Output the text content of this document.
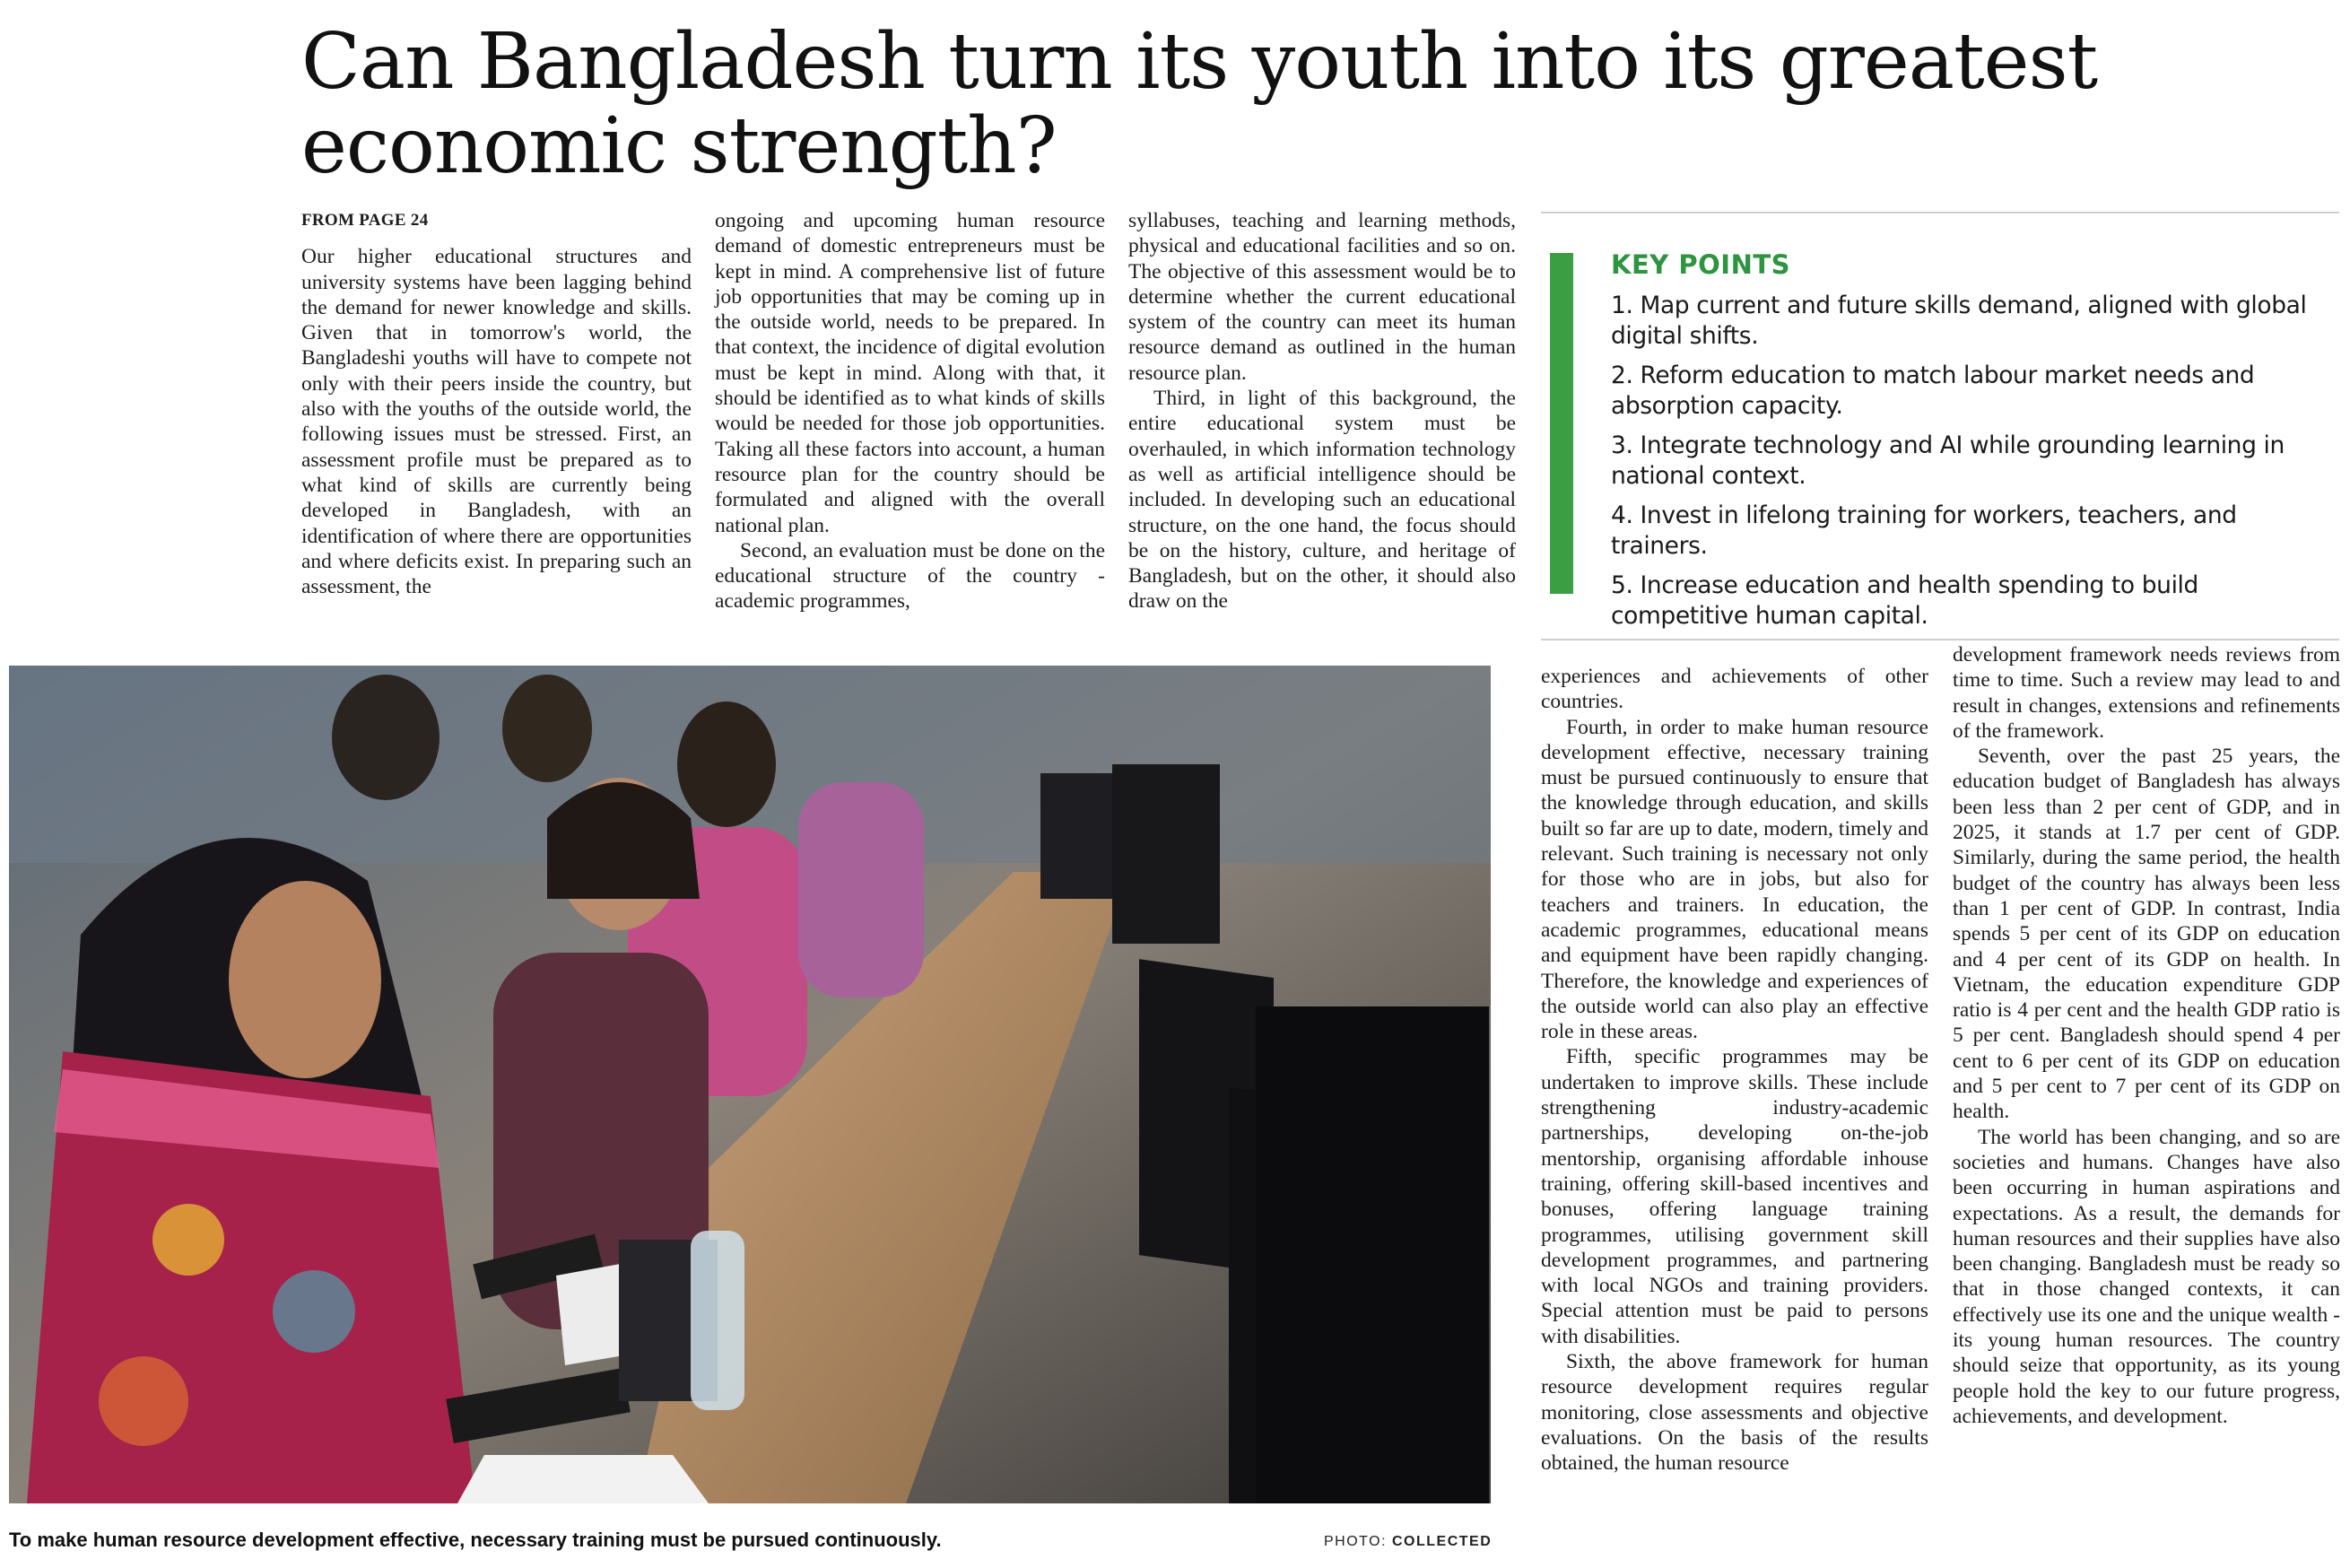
Can Bangladesh turn its youth into its greatest economic strength?
FROM PAGE 24

Our higher educational structures and university systems have been lagging behind the demand for newer knowledge and skills. Given that in tomorrow's world, the Bangladeshi youths will have to compete not only with their peers inside the country, but also with the youths of the outside world, the following issues must be stressed. First, an assessment profile must be prepared as to what kind of skills are currently being developed in Bangladesh, with an identification of where there are opportunities and where deficits exist. In preparing such an assessment, the

ongoing and upcoming human resource demand of domestic entrepreneurs must be kept in mind. A comprehensive list of future job opportunities that may be coming up in the outside world, needs to be prepared. In that context, the incidence of digital evolution must be kept in mind. Along with that, it should be identified as to what kinds of skills would be needed for those job opportunities. Taking all these factors into account, a human resource plan for the country should be formulated and aligned with the overall national plan.

Second, an evaluation must be done on the educational structure of the country - academic programmes,

syllabuses, teaching and learning methods, physical and educational facilities and so on. The objective of this assessment would be to determine whether the current educational system of the country can meet its human resource demand as outlined in the human resource plan.

Third, in light of this background, the entire educational system must be overhauled, in which information technology as well as artificial intelligence should be included. In developing such an educational structure, on the one hand, the focus should be on the history, culture, and heritage of Bangladesh, but on the other, it should also draw on the

KEY POINTS
1. Map current and future skills demand, aligned with global digital shifts.
2. Reform education to match labour market needs and absorption capacity.
3. Integrate technology and AI while grounding learning in national context.
4. Invest in lifelong training for workers, teachers, and trainers.
5. Increase education and health spending to build competitive human capital.

experiences and achievements of other countries.

Fourth, in order to make human resource development effective, necessary training must be pursued continuously to ensure that the knowledge through education, and skills built so far are up to date, modern, timely and relevant. Such training is necessary not only for those who are in jobs, but also for teachers and trainers. In education, the academic programmes, educational means and equipment have been rapidly changing. Therefore, the knowledge and experiences of the outside world can also play an effective role in these areas.

Fifth, specific programmes may be undertaken to improve skills. These include strengthening industry-academic partnerships, developing on-the-job mentorship, organising affordable inhouse training, offering skill-based incentives and bonuses, offering language training programmes, utilising government skill development programmes, and partnering with local NGOs and training providers. Special attention must be paid to persons with disabilities.

Sixth, the above framework for human resource development requires regular monitoring, close assessments and objective evaluations. On the basis of the results obtained, the human resource

development framework needs reviews from time to time. Such a review may lead to and result in changes, extensions and refinements of the framework.

Seventh, over the past 25 years, the education budget of Bangladesh has always been less than 2 per cent of GDP, and in 2025, it stands at 1.7 per cent of GDP. Similarly, during the same period, the health budget of the country has always been less than 1 per cent of GDP. In contrast, India spends 5 per cent of its GDP on education and 4 per cent of its GDP on health. In Vietnam, the education expenditure GDP ratio is 4 per cent and the health GDP ratio is 5 per cent. Bangladesh should spend 4 per cent to 6 per cent of its GDP on education and 5 per cent to 7 per cent of its GDP on health.

The world has been changing, and so are societies and humans. Changes have also been occurring in human aspirations and expectations. As a result, the demands for human resources and their supplies have also been changing. Bangladesh must be ready so that in those changed contexts, it can effectively use its one and the unique wealth - its young human resources. The country should seize that opportunity, as its young people hold the key to our future progress, achievements, and development.

To make human resource development effective, necessary training must be pursued continuously.	PHOTO: COLLECTED
